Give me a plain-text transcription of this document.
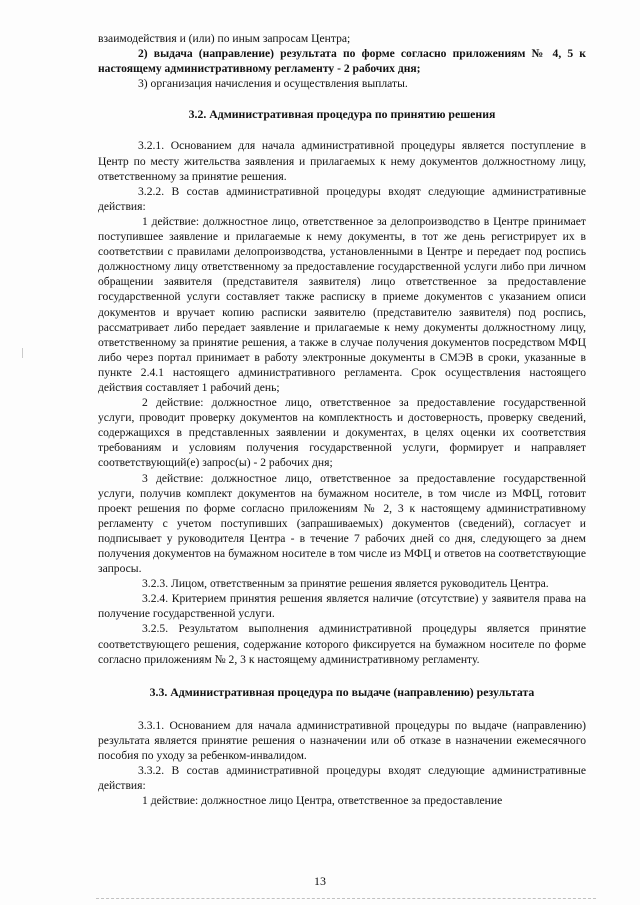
взаимодействия и (или) по иным запросам Центра;

2) выдача (направление) результата по форме согласно приложениям № 4, 5 к настоящему административному регламенту - 2 рабочих дня;

3) организация начисления и осуществления выплаты.

3.2. Административная процедура по принятию решения

3.2.1. Основанием для начала административной процедуры является поступление в Центр по месту жительства заявления и прилагаемых к нему документов должностному лицу, ответственному за принятие решения.

3.2.2. В состав административной процедуры входят следующие административные действия:

1 действие: должностное лицо, ответственное за делопроизводство в Центре принимает поступившее заявление и прилагаемые к нему документы, в тот же день регистрирует их в соответствии с правилами делопроизводства, установленными в Центре и передает под роспись должностному лицу ответственному за предоставление государственной услуги либо при личном обращении заявителя (представителя заявителя) лицо ответственное за предоставление государственной услуги составляет также расписку в приеме документов с указанием описи документов и вручает копию расписки заявителю (представителю заявителя) под роспись, рассматривает либо передает заявление и прилагаемые к нему документы должностному лицу, ответственному за принятие решения, а также в случае получения документов посредством МФЦ либо через портал принимает в работу электронные документы в СМЭВ в сроки, указанные в пункте 2.4.1 настоящего административного регламента. Срок осуществления настоящего действия составляет 1 рабочий день;

2 действие: должностное лицо, ответственное за предоставление государственной услуги, проводит проверку документов на комплектность и достоверность, проверку сведений, содержащихся в представленных заявлении и документах, в целях оценки их соответствия требованиям и условиям получения государственной услуги, формирует и направляет соответствующий(е) запрос(ы) - 2 рабочих дня;

3 действие: должностное лицо, ответственное за предоставление государственной услуги, получив комплект документов на бумажном носителе, в том числе из МФЦ, готовит проект решения по форме согласно приложениям № 2, 3 к настоящему административному регламенту с учетом поступивших (запрашиваемых) документов (сведений), согласует и подписывает у руководителя Центра - в течение 7 рабочих дней со дня, следующего за днем получения документов на бумажном носителе в том числе из МФЦ и ответов на соответствующие запросы.

3.2.3. Лицом, ответственным за принятие решения является руководитель Центра.

3.2.4. Критерием принятия решения является наличие (отсутствие) у заявителя права на получение государственной услуги.

3.2.5. Результатом выполнения административной процедуры является принятие соответствующего решения, содержание которого фиксируется на бумажном носителе по форме согласно приложениям № 2, 3 к настоящему административному регламенту.

3.3. Административная процедура по выдаче (направлению) результата

3.3.1. Основанием для начала административной процедуры по выдаче (направлению) результата является принятие решения о назначении или об отказе в назначении ежемесячного пособия по уходу за ребенком-инвалидом.

3.3.2. В состав административной процедуры входят следующие административные действия:

1 действие: должностное лицо Центра, ответственное за предоставление

13
